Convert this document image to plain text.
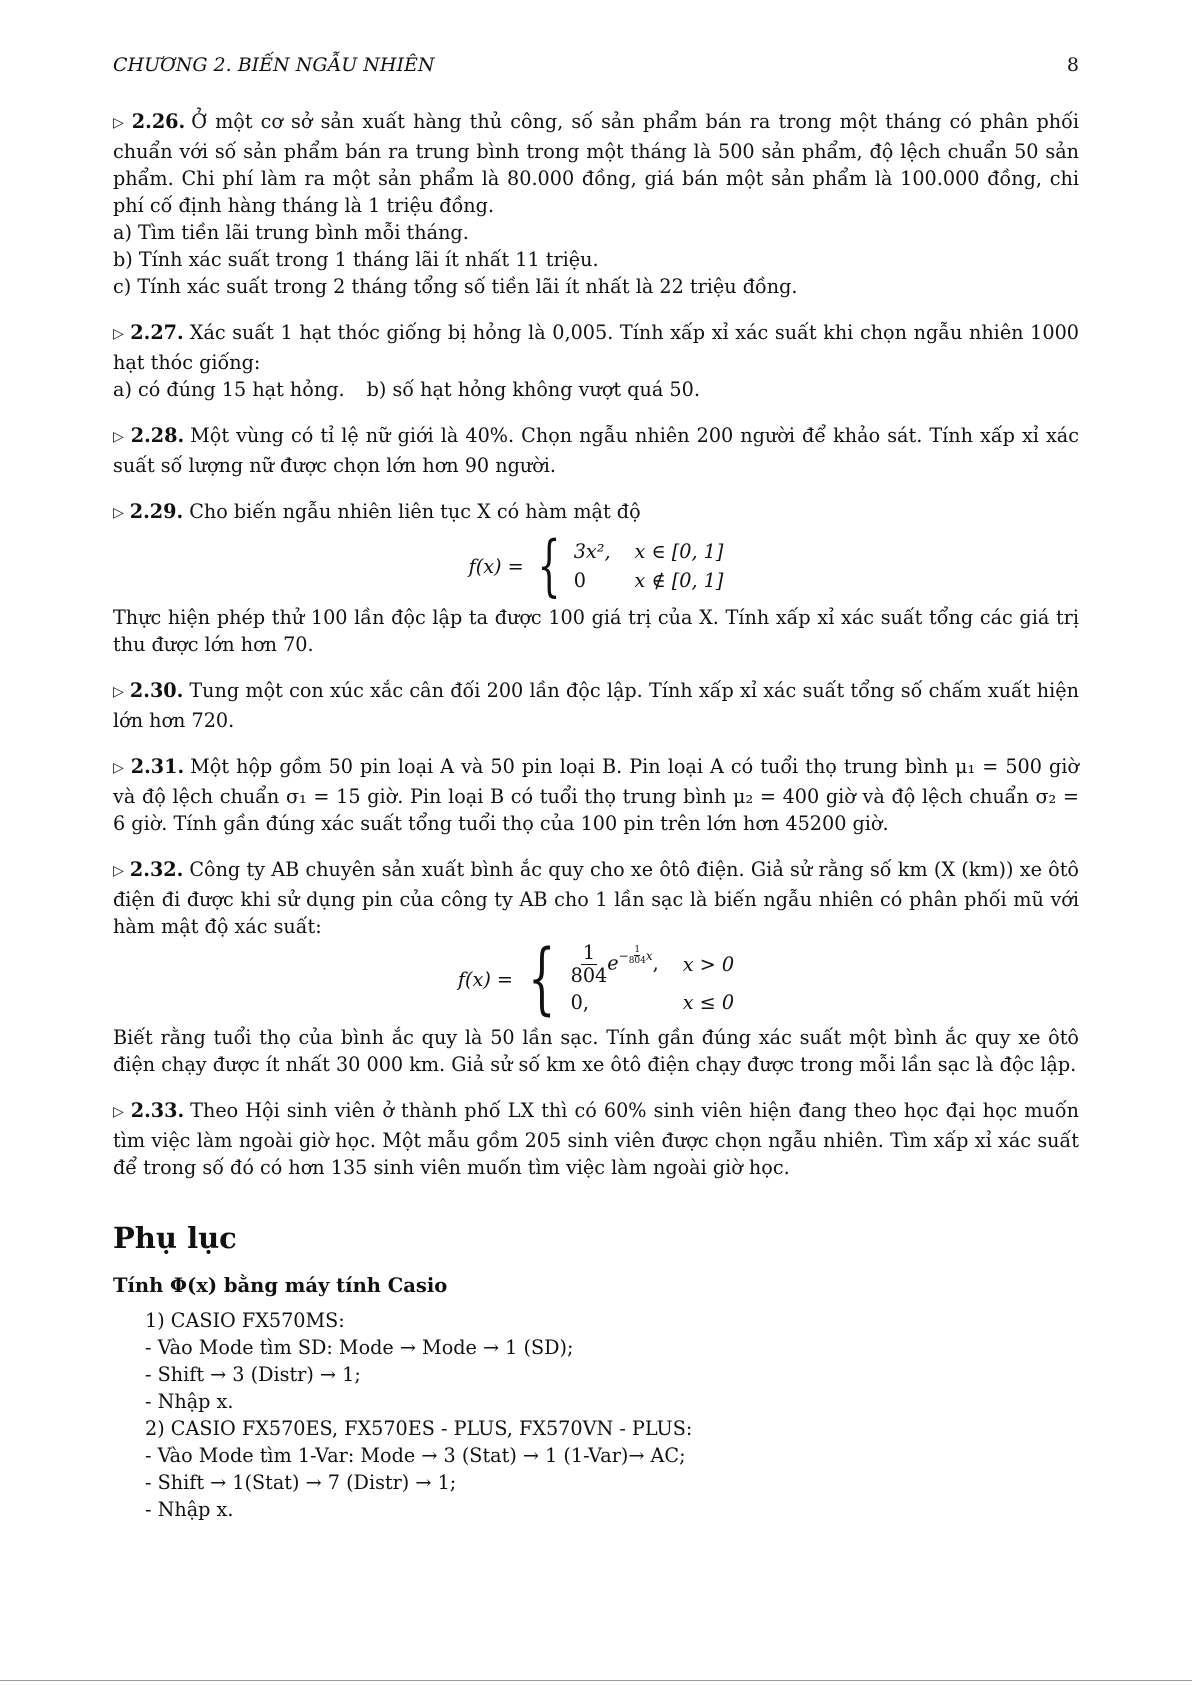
CHƯƠNG 2. BIẾN NGẪU NHIÊN	8
▷ 2.26. Ở một cơ sở sản xuất hàng thủ công, số sản phẩm bán ra trong một tháng có phân phối chuẩn với số sản phẩm bán ra trung bình trong một tháng là 500 sản phẩm, độ lệch chuẩn 50 sản phẩm. Chi phí làm ra một sản phẩm là 80.000 đồng, giá bán một sản phẩm là 100.000 đồng, chi phí cố định hàng tháng là 1 triệu đồng.
a) Tìm tiền lãi trung bình mỗi tháng.
b) Tính xác suất trong 1 tháng lãi ít nhất 11 triệu.
c) Tính xác suất trong 2 tháng tổng số tiền lãi ít nhất là 22 triệu đồng.
▷ 2.27. Xác suất 1 hạt thóc giống bị hỏng là 0,005. Tính xấp xỉ xác suất khi chọn ngẫu nhiên 1000 hạt thóc giống:
a) có đúng 15 hạt hỏng. b) số hạt hỏng không vượt quá 50.
▷ 2.28. Một vùng có tỉ lệ nữ giới là 40%. Chọn ngẫu nhiên 200 người để khảo sát. Tính xấp xỉ xác suất số lượng nữ được chọn lớn hơn 90 người.
▷ 2.29. Cho biến ngẫu nhiên liên tục X có hàm mật độ
f(x) = { 3x², x ∈ [0, 1]
0	x ∉ [0, 1]
Thực hiện phép thử 100 lần độc lập ta được 100 giá trị của X. Tính xấp xỉ xác suất tổng các giá trị thu được lớn hơn 70.
▷ 2.30. Tung một con xúc xắc cân đối 200 lần độc lập. Tính xấp xỉ xác suất tổng số chấm xuất hiện lớn hơn 720.
▷ 2.31. Một hộp gồm 50 pin loại A và 50 pin loại B. Pin loại A có tuổi thọ trung bình μ₁ = 500 giờ và độ lệch chuẩn σ₁ = 15 giờ. Pin loại B có tuổi thọ trung bình μ₂ = 400 giờ và độ lệch chuẩn σ₂ = 6 giờ. Tính gần đúng xác suất tổng tuổi thọ của 100 pin trên lớn hơn 45200 giờ.
▷ 2.32. Công ty AB chuyên sản xuất bình ắc quy cho xe ôtô điện. Giả sử rằng số km (X (km)) xe ôtô điện đi được khi sử dụng pin của công ty AB cho 1 lần sạc là biến ngẫu nhiên có phân phối mũ với hàm mật độ xác suất:
f(x) = { $\frac{1}{804} e^{- \frac{1}{804} x}$, x > 0
0,	x ≤ 0
Biết rằng tuổi thọ của bình ắc quy là 50 lần sạc. Tính gần đúng xác suất một bình ắc quy xe ôtô điện chạy được ít nhất 30 000 km. Giả sử số km xe ôtô điện chạy được trong mỗi lần sạc là độc lập.
▷ 2.33. Theo Hội sinh viên ở thành phố LX thì có 60% sinh viên hiện đang theo học đại học muốn tìm việc làm ngoài giờ học. Một mẫu gồm 205 sinh viên được chọn ngẫu nhiên. Tìm xấp xỉ xác suất để trong số đó có hơn 135 sinh viên muốn tìm việc làm ngoài giờ học.
Phụ lục
Tính Φ(x) bằng máy tính Casio
1) CASIO FX570MS:
- Vào Mode tìm SD: Mode → Mode → 1 (SD);
- Shift → 3 (Distr) → 1;
- Nhập x.
2) CASIO FX570ES, FX570ES - PLUS, FX570VN - PLUS:
- Vào Mode tìm 1-Var: Mode → 3 (Stat) → 1 (1-Var)→ AC;
- Shift → 1(Stat) → 7 (Distr) → 1;
- Nhập x.
